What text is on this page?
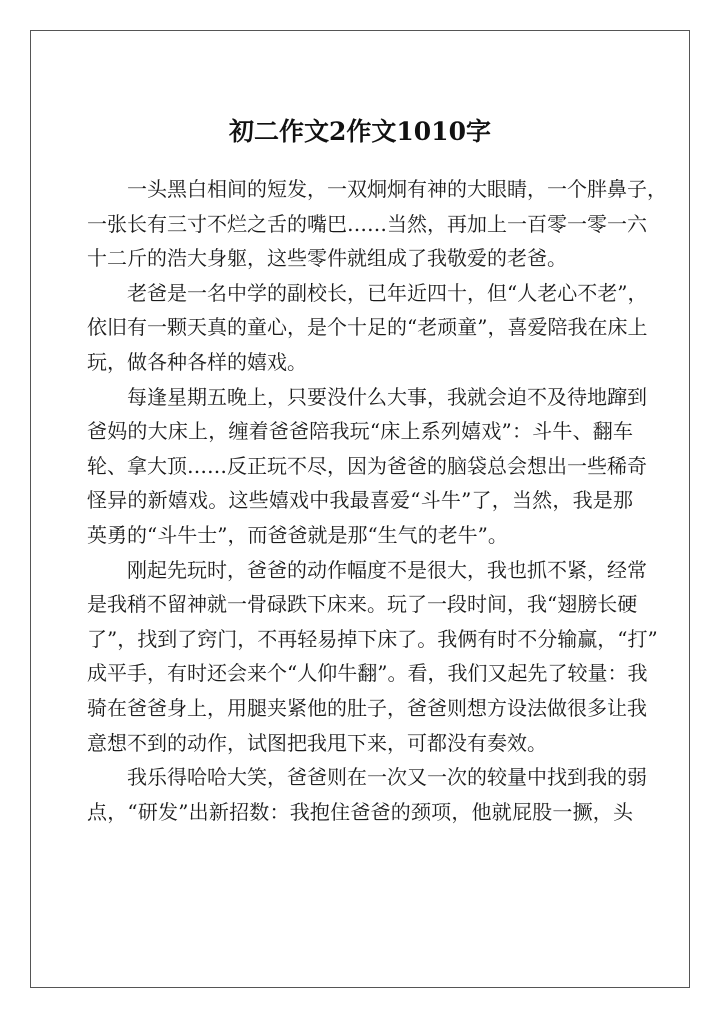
初二作文2作文1010字
一头黑白相间的短发，一双炯炯有神的大眼睛，一个胖鼻子，
一张长有三寸不烂之舌的嘴巴……当然，再加上一百零一零一六
十二斤的浩大身躯，这些零件就组成了我敬爱的老爸。
老爸是一名中学的副校长，已年近四十，但“人老心不老”，
依旧有一颗天真的童心，是个十足的“老顽童”，喜爱陪我在床上
玩，做各种各样的嬉戏。
每逢星期五晚上，只要没什么大事，我就会迫不及待地蹿到
爸妈的大床上，缠着爸爸陪我玩“床上系列嬉戏”：斗牛、翻车
轮、拿大顶……反正玩不尽，因为爸爸的脑袋总会想出一些稀奇
怪异的新嬉戏。这些嬉戏中我最喜爱“斗牛”了，当然，我是那
英勇的“斗牛士”，而爸爸就是那“生气的老牛”。
刚起先玩时，爸爸的动作幅度不是很大，我也抓不紧，经常
是我稍不留神就一骨碌跌下床来。玩了一段时间，我“翅膀长硬
了”，找到了窍门，不再轻易掉下床了。我俩有时不分输赢，“打”
成平手，有时还会来个“人仰牛翻”。看，我们又起先了较量：我
骑在爸爸身上，用腿夹紧他的肚子，爸爸则想方设法做很多让我
意想不到的动作，试图把我甩下来，可都没有奏效。
我乐得哈哈大笑，爸爸则在一次又一次的较量中找到我的弱
点，“研发”出新招数：我抱住爸爸的颈项，他就屁股一撅，头
